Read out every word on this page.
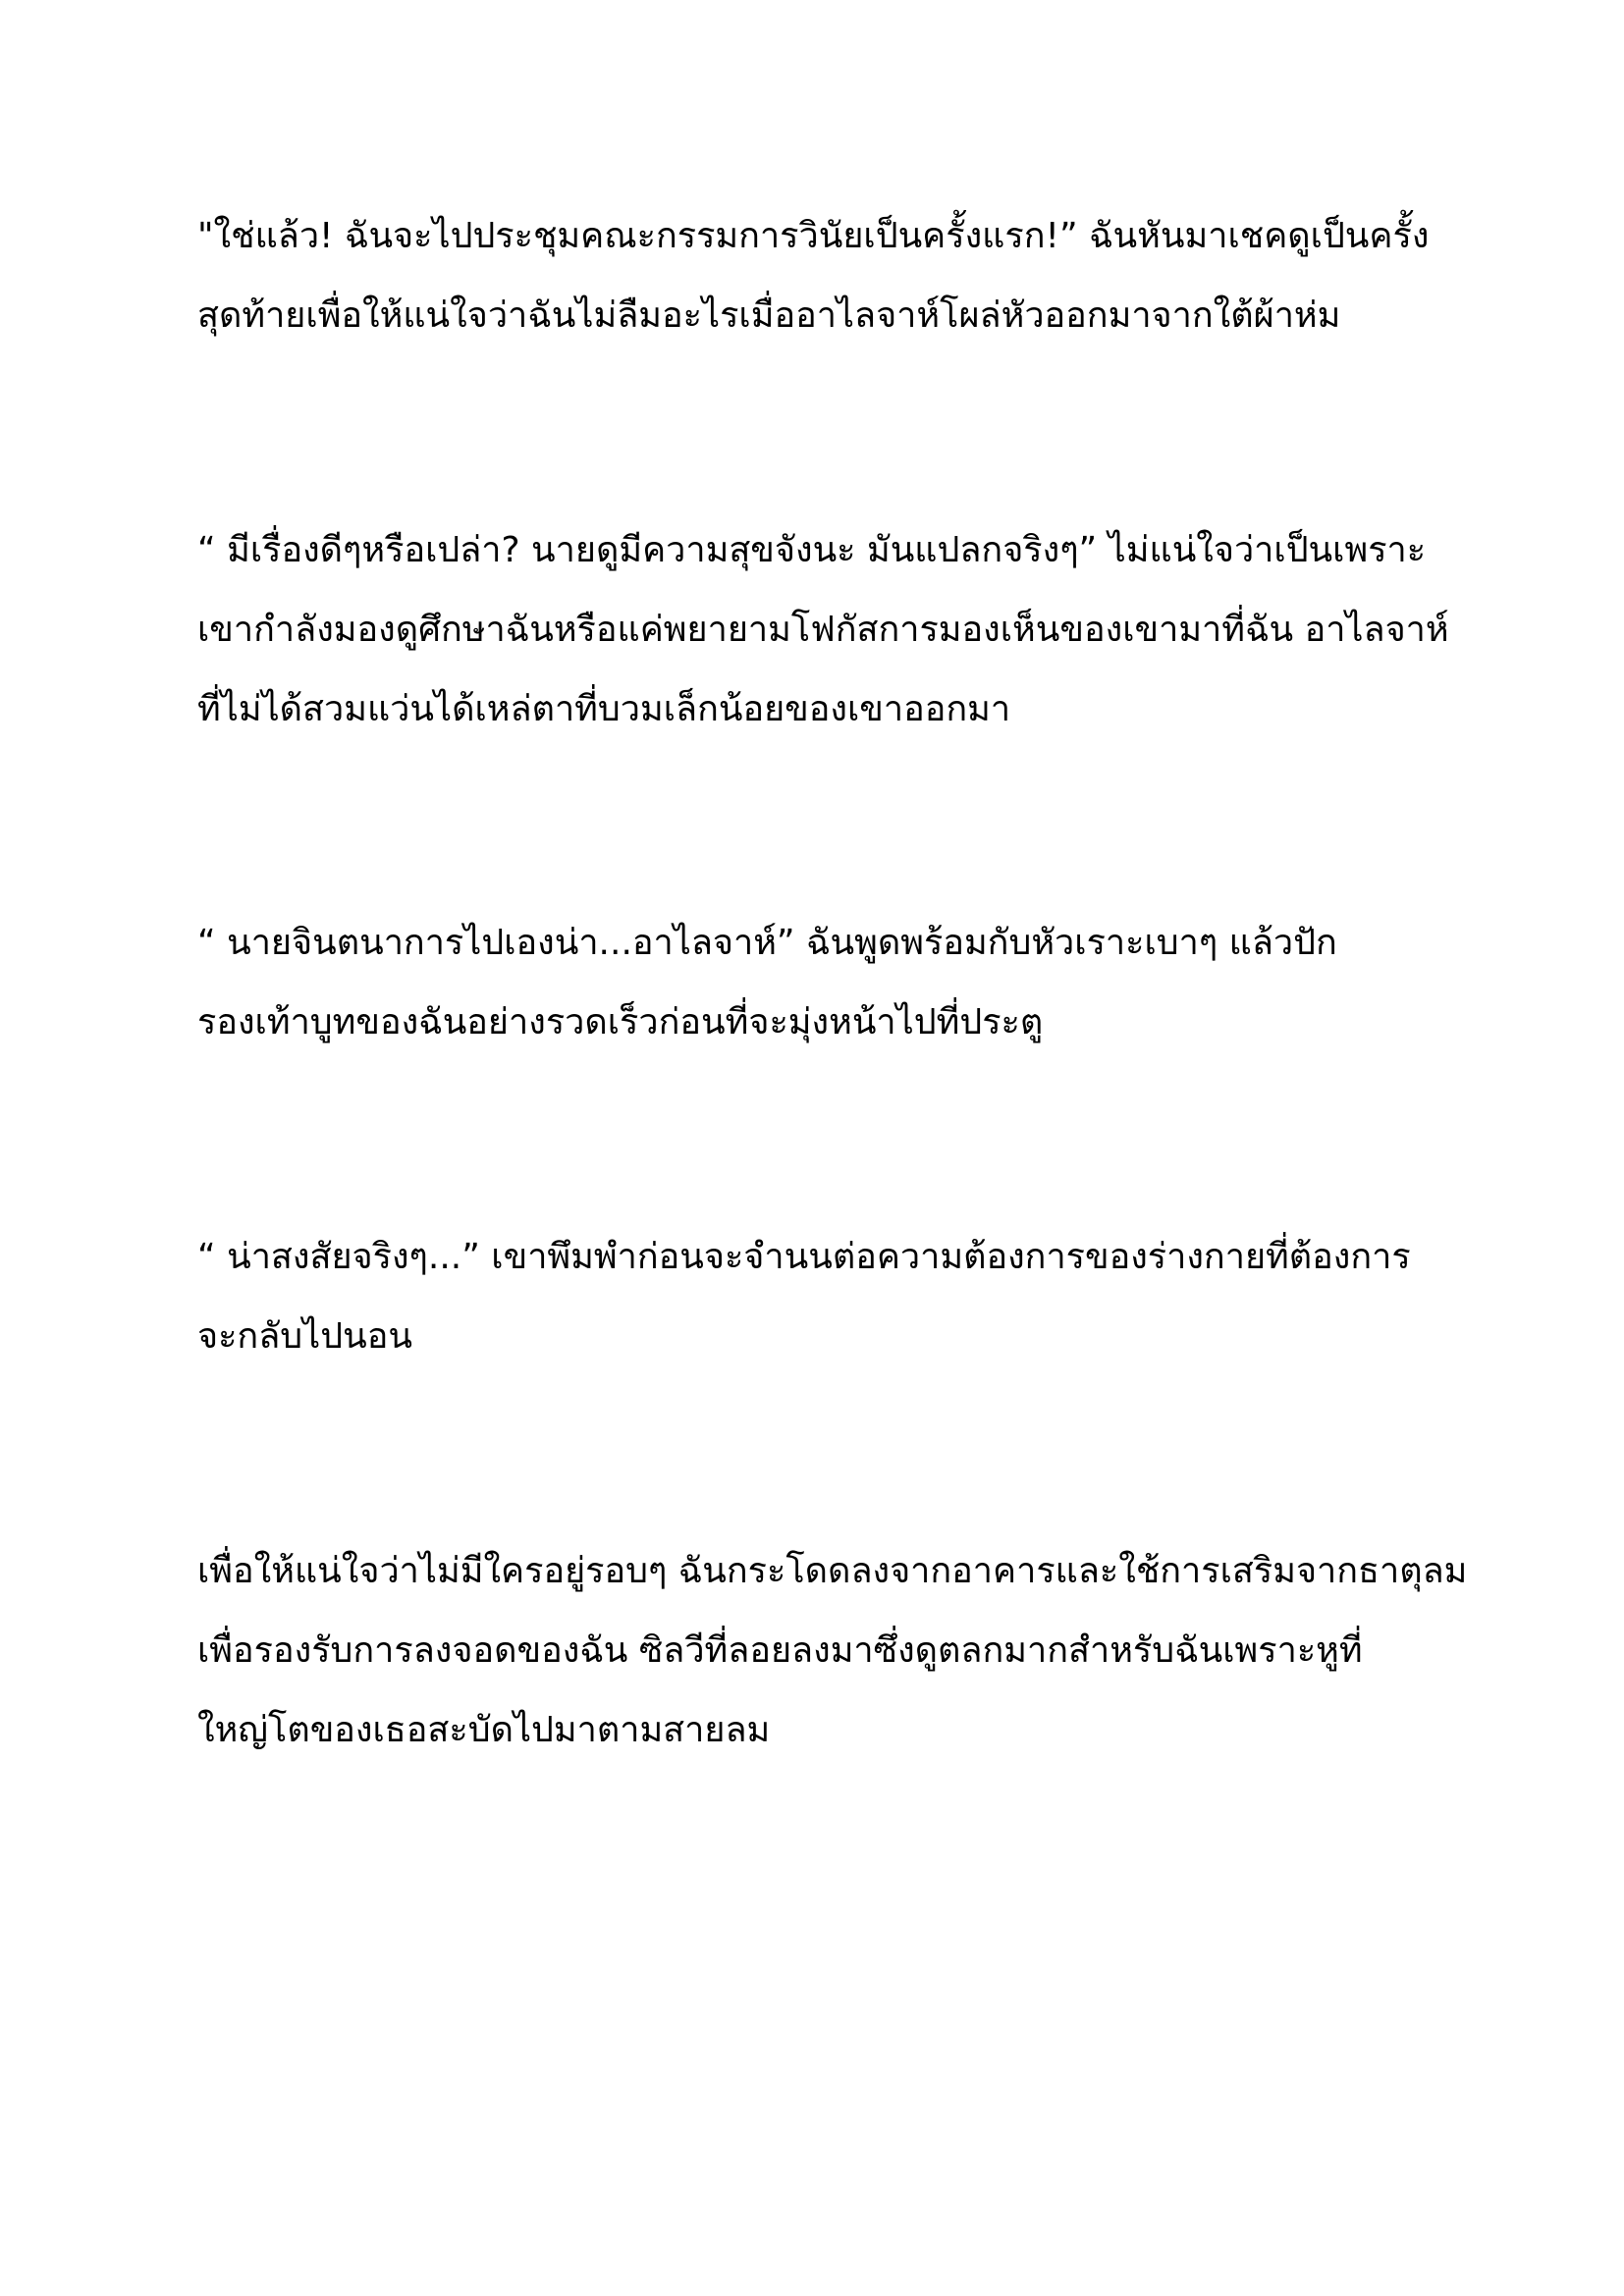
"ใช่แล้ว! ฉันจะไปประชุมคณะกรรมการวินัยเป็นครั้งแรก!” ฉันหันมาเชคดูเป็นครั้ง
สุดท้ายเพื่อให้แน่ใจว่าฉันไม่ลืมอะไรเมื่ออาไลจาห์โผล่หัวออกมาจากใต้ผ้าห่ม
“ มีเรื่องดีๆหรือเปล่า? นายดูมีความสุขจังนะ มันแปลกจริงๆ” ไม่แน่ใจว่าเป็นเพราะ
เขากำลังมองดูศึกษาฉันหรือแค่พยายามโฟกัสการมองเห็นของเขามาที่ฉัน อาไลจาห์
ที่ไม่ได้สวมแว่นได้เหล่ตาที่บวมเล็กน้อยของเขาออกมา
“ นายจินตนาการไปเองน่า...อาไลจาห์” ฉันพูดพร้อมกับหัวเราะเบาๆ แล้วปัก
รองเท้าบูทของฉันอย่างรวดเร็วก่อนที่จะมุ่งหน้าไปที่ประตู
“ น่าสงสัยจริงๆ...” เขาพึมพำก่อนจะจำนนต่อความต้องการของร่างกายที่ต้องการ
จะกลับไปนอน
เพื่อให้แน่ใจว่าไม่มีใครอยู่รอบๆ ฉันกระโดดลงจากอาคารและใช้การเสริมจากธาตุลม
เพื่อรองรับการลงจอดของฉัน ซิลวีที่ลอยลงมาซึ่งดูตลกมากสำหรับฉันเพราะหูที่
ใหญ่โตของเธอสะบัดไปมาตามสายลม
